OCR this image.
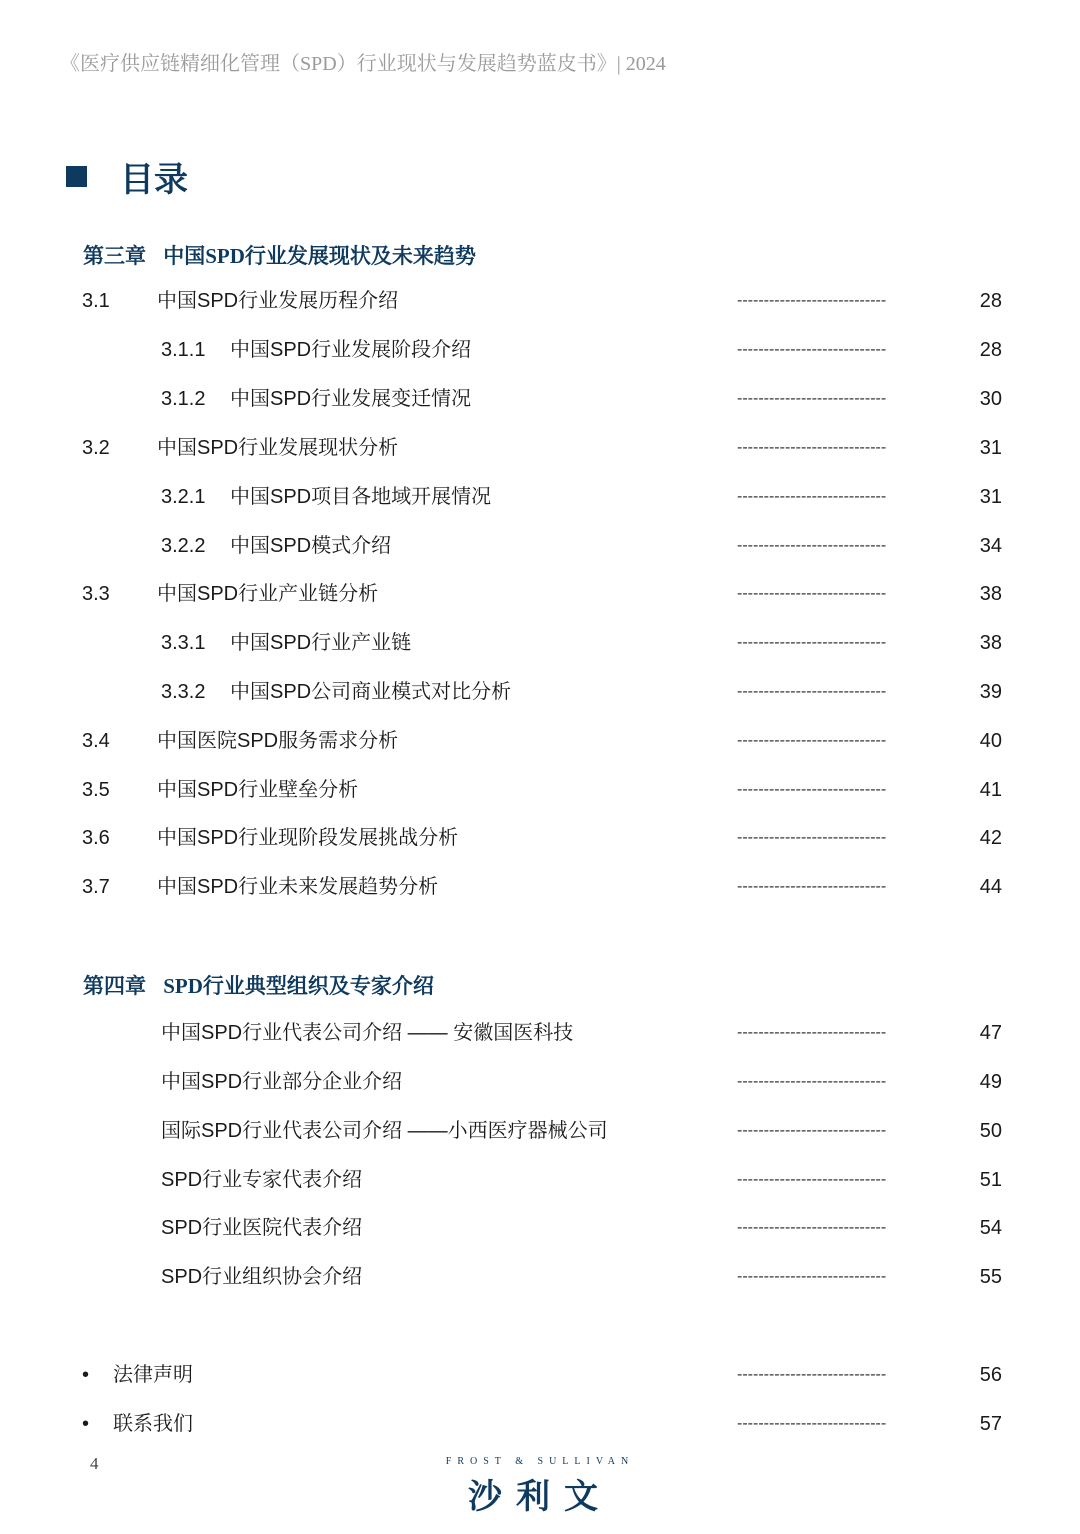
《医疗供应链精细化管理（SPD）行业现状与发展趋势蓝皮书》| 2024
目录
第三章 中国SPD行业发展现状及未来趋势
3.1 中国SPD行业发展历程介绍	----------------------------	28
3.1.1 中国SPD行业发展阶段介绍	----------------------------	28
3.1.2 中国SPD行业发展变迁情况	----------------------------	30
3.2 中国SPD行业发展现状分析	----------------------------	31
3.2.1 中国SPD项目各地域开展情况	----------------------------	31
3.2.2 中国SPD模式介绍	----------------------------	34
3.3 中国SPD行业产业链分析	----------------------------	38
3.3.1 中国SPD行业产业链	----------------------------	38
3.3.2 中国SPD公司商业模式对比分析	----------------------------	39
3.4 中国医院SPD服务需求分析	----------------------------	40
3.5 中国SPD行业壁垒分析	----------------------------	41
3.6 中国SPD行业现阶段发展挑战分析	----------------------------	42
3.7 中国SPD行业未来发展趋势分析	----------------------------	44
第四章 SPD行业典型组织及专家介绍
中国SPD行业代表公司介绍 —— 安徽国医科技	----------------------------	47
中国SPD行业部分企业介绍	----------------------------	49
国际SPD行业代表公司介绍 ——小西医疗器械公司	----------------------------	50
SPD行业专家代表介绍	----------------------------	51
SPD行业医院代表介绍	----------------------------	54
SPD行业组织协会介绍	----------------------------	55
• 法律声明	----------------------------	56
• 联系我们	----------------------------	57
4	FROST & SULLIVAN
沙利文
